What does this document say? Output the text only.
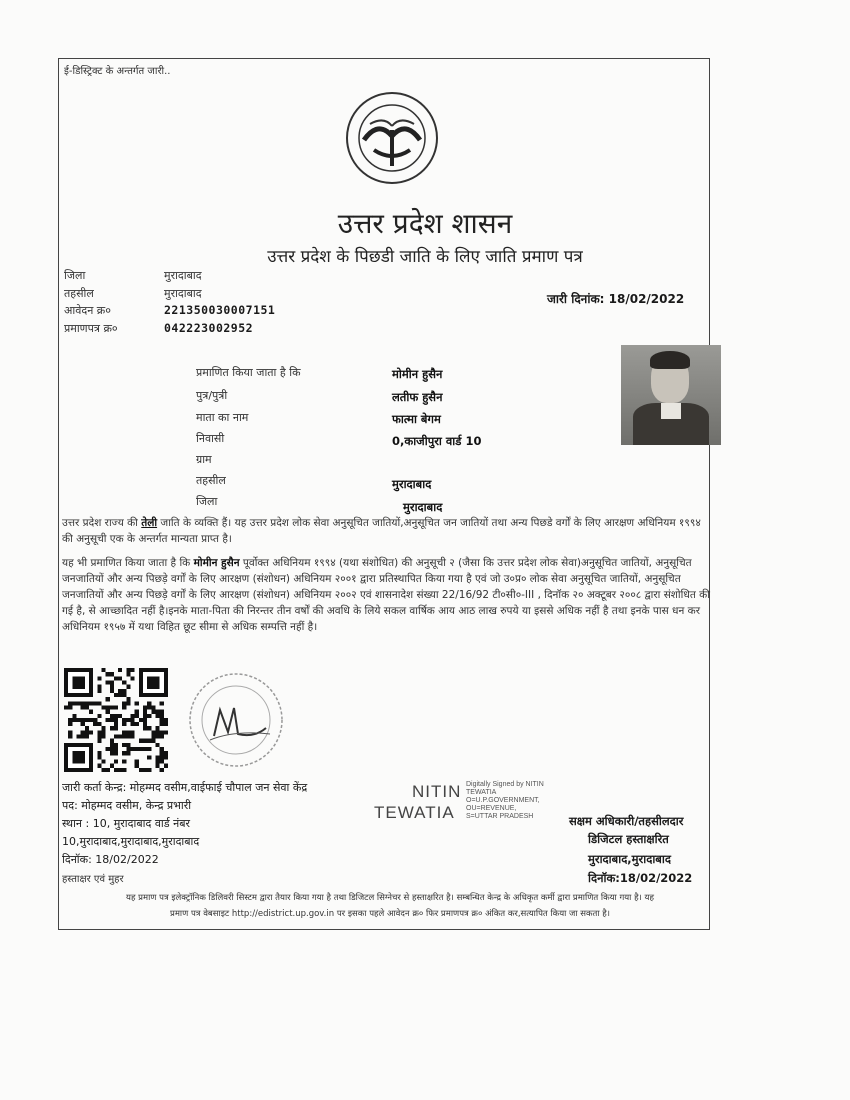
ई-डिस्ट्रिक्ट के अन्तर्गत जारी..
उत्तर प्रदेश शासन
उत्तर प्रदेश के पिछडी जाति के लिए जाति प्रमाण पत्र
जिला	मुरादाबाद
तहसील	मुरादाबाद
आवेदन क्र०	221350030007151
प्रमाणपत्र क्र०	042223002952
जारी दिनांक: 18/02/2022
प्रमाणित किया जाता है कि	मोमीन हुसैन
पुत्र/पुत्री	लतीफ हुसैन
माता का नाम	फात्मा बेगम
निवासी	0,काजीपुरा वार्ड 10
ग्राम
तहसील	मुरादाबाद
जिला	मुरादाबाद
उत्तर प्रदेश राज्य की तेली जाति के व्यक्ति हैं। यह उत्तर प्रदेश लोक सेवा अनुसूचित जातियों,अनुसूचित जन जातियों तथा अन्य पिछडे वर्गों के लिए आरक्षण अधिनियम १९९४ की अनुसूची एक के अन्तर्गत मान्यता प्राप्त है।
यह भी प्रमाणित किया जाता है कि मोमीन हुसैन पूर्वोक्त अधिनियम १९९४ (यथा संशोधित) की अनुसूची २ (जैसा कि उत्तर प्रदेश लोक सेवा)अनुसूचित जातियों, अनुसूचित जनजातियों और अन्य पिछड़े वर्गों के लिए आरक्षण (संशोधन) अधिनियम २००१ द्वारा प्रतिस्थापित किया गया है एवं जो उ०प्र० लोक सेवा अनुसूचित जातियों, अनुसूचित जनजातियों और अन्य पिछड़े वर्गों के लिए आरक्षण (संशोधन) अधिनियम २००२ एवं शासनादेश संख्या 22/16/92 टी०सी०-III , दिनॉक २० अक्टूबर २००८ द्वारा संशोधित की गई है, से आच्छादित नहीं है।इनके माता-पिता की निरन्तर तीन वर्षों की अवधि के लिये सकल वार्षिक आय आठ लाख रुपये या इससे अधिक नहीं है तथा इनके पास धन कर अधिनियम १९५७ में यथा विहित छूट सीमा से अधिक सम्पत्ति नहीं है।
जारी कर्ता केन्द्र: मोहम्मद वसीम,वाईफाई चौपाल जन सेवा केंद्र
पद: मोहम्मद वसीम, केन्द्र प्रभारी
स्थान : 10, मुरादाबाद वार्ड नंबर
10,मुरादाबाद,मुरादाबाद,मुरादाबाद
दिनॉक: 18/02/2022
हस्ताक्षर एवं मुहर
NITIN
TEWATIA
Digitally Signed by NITIN
TEWATIA
O=U.P.GOVERNMENT,
OU=REVENUE,
S=UTTAR PRADESH	सक्षम अधिकारी/तहसीलदार
डिजिटल हस्ताक्षरित
मुरादाबाद,मुरादाबाद
दिनॉक:18/02/2022
यह प्रमाण पत्र इलेक्ट्रॉनिक डिलिवरी सिस्टम द्वारा तैयार किया गया है तथा डिजिटल सिग्नेचर से हस्ताक्षरित है। सम्बन्धित केन्द्र के अधिकृत कर्मी द्वारा प्रमाणित किया गया है। यह
प्रमाण पत्र वेबसाइट http://edistrict.up.gov.in पर इसका पहले आवेदन क्र० फिर प्रमाणपत्र क्र० अंकित कर,सत्यापित किया जा सकता है।
